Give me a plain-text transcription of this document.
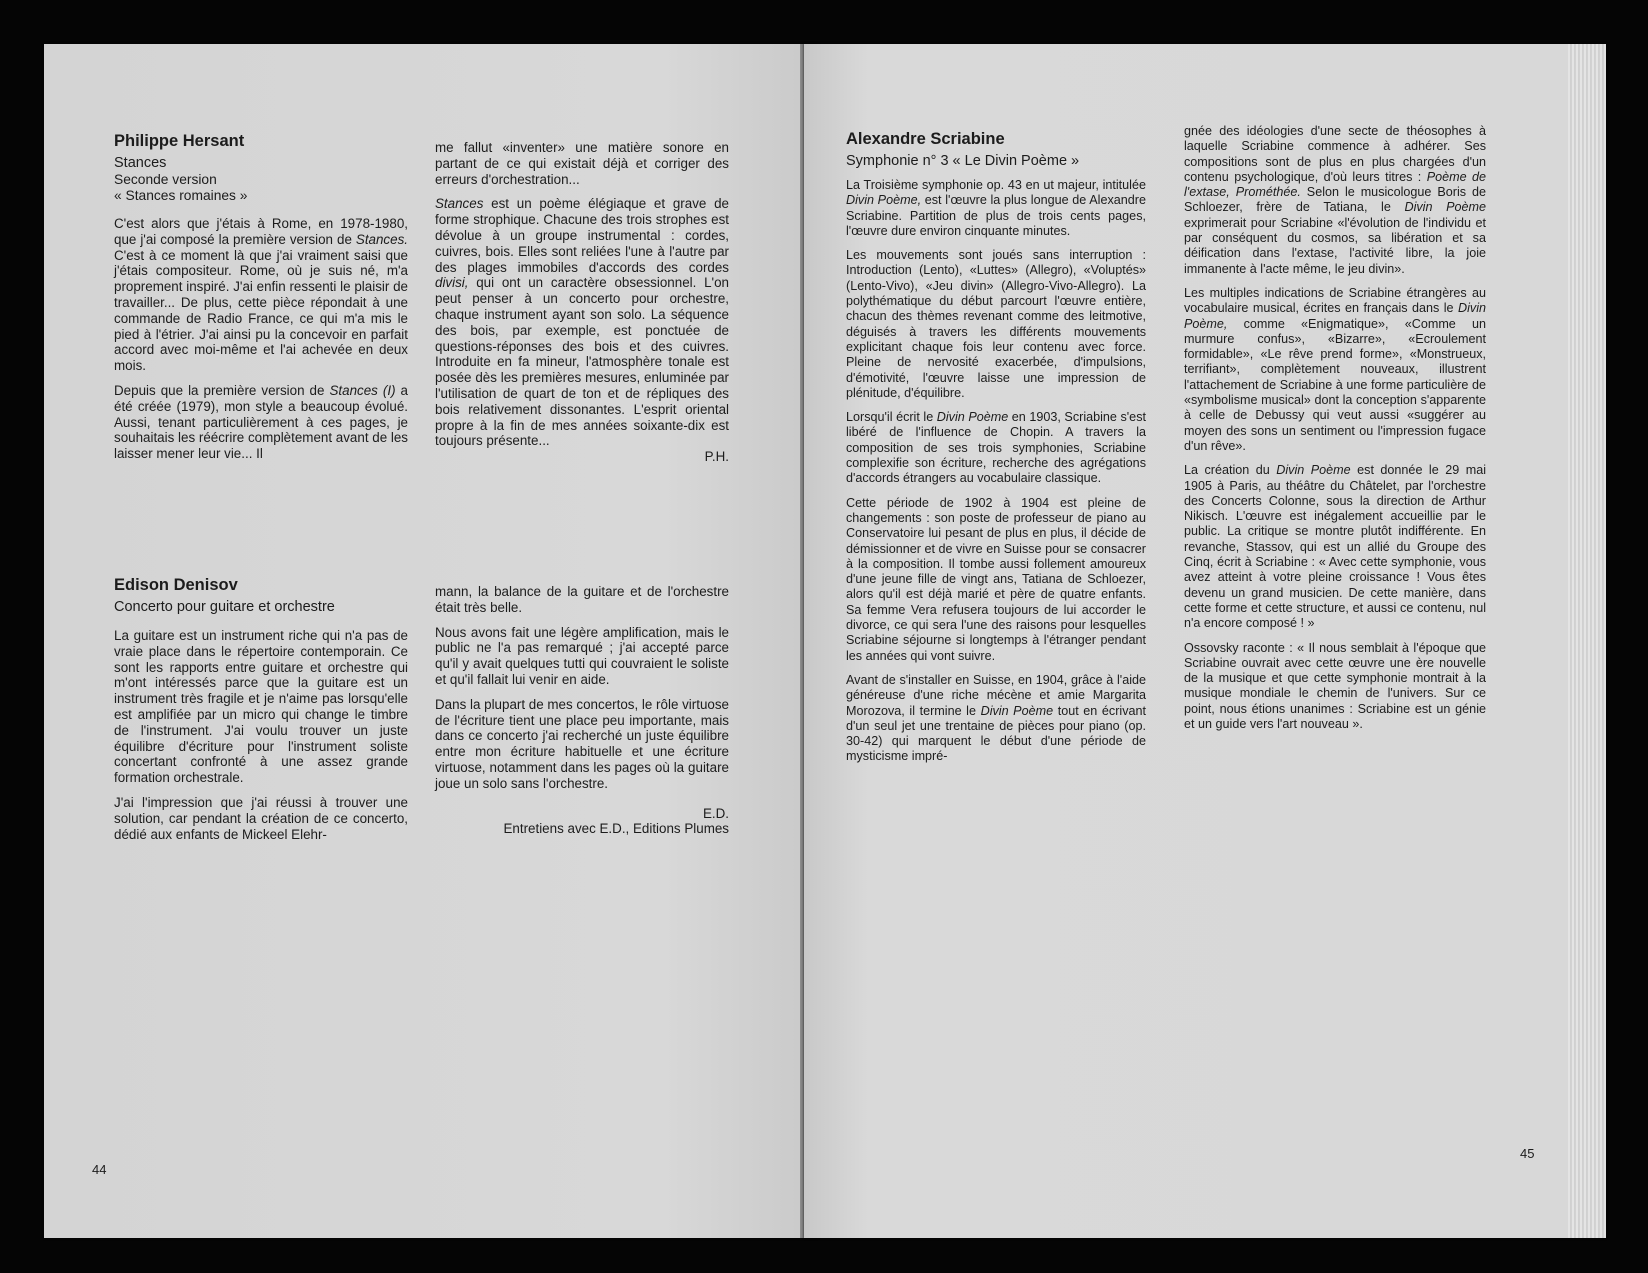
Philippe Hersant
Stances
Seconde version
« Stances romaines »

C'est alors que j'étais à Rome, en 1978-1980, que j'ai composé la première version de Stances. C'est à ce moment là que j'ai vraiment saisi que j'étais compositeur. Rome, où je suis né, m'a proprement inspiré. J'ai enfin ressenti le plaisir de travailler... De plus, cette pièce répondait à une commande de Radio France, ce qui m'a mis le pied à l'étrier. J'ai ainsi pu la concevoir en parfait accord avec moi-même et l'ai achevée en deux mois.

Depuis que la première version de Stances (I) a été créée (1979), mon style a beaucoup évolué. Aussi, tenant particulièrement à ces pages, je souhaitais les réécrire complètement avant de les laisser mener leur vie... Il

me fallut «inventer» une matière sonore en partant de ce qui existait déjà et corriger des erreurs d'orchestration...

Stances est un poème élégiaque et grave de forme strophique. Chacune des trois strophes est dévolue à un groupe instrumental : cordes, cuivres, bois. Elles sont reliées l'une à l'autre par des plages immobiles d'accords des cordes divisi, qui ont un caractère obsessionnel. L'on peut penser à un concerto pour orchestre, chaque instrument ayant son solo. La séquence des bois, par exemple, est ponctuée de questions-réponses des bois et des cuivres. Introduite en fa mineur, l'atmosphère tonale est posée dès les premières mesures, enluminée par l'utilisation de quart de ton et de répliques des bois relativement dissonantes. L'esprit oriental propre à la fin de mes années soixante-dix est toujours présente...

P.H.

Edison Denisov
Concerto pour guitare et orchestre

La guitare est un instrument riche qui n'a pas de vraie place dans le répertoire contemporain. Ce sont les rapports entre guitare et orchestre qui m'ont intéressés parce que la guitare est un instrument très fragile et je n'aime pas lorsqu'elle est amplifiée par un micro qui change le timbre de l'instrument. J'ai voulu trouver un juste équilibre d'écriture pour l'instrument soliste concertant confronté à une assez grande formation orchestrale.

J'ai l'impression que j'ai réussi à trouver une solution, car pendant la création de ce concerto, dédié aux enfants de Mickeel Elehr-

mann, la balance de la guitare et de l'orchestre était très belle.

Nous avons fait une légère amplification, mais le public ne l'a pas remarqué ; j'ai accepté parce qu'il y avait quelques tutti qui couvraient le soliste et qu'il fallait lui venir en aide.

Dans la plupart de mes concertos, le rôle virtuose de l'écriture tient une place peu importante, mais dans ce concerto j'ai recherché un juste équilibre entre mon écriture habituelle et une écriture virtuose, notamment dans les pages où la guitare joue un solo sans l'orchestre.

E.D.

Entretiens avec E.D., Editions Plumes

44
Alexandre Scriabine
Symphonie n° 3 « Le Divin Poème »

La Troisième symphonie op. 43 en ut majeur, intitulée Divin Poème, est l'œuvre la plus longue de Alexandre Scriabine. Partition de plus de trois cents pages, l'œuvre dure environ cinquante minutes.

Les mouvements sont joués sans interruption : Introduction (Lento), «Luttes» (Allegro), «Voluptés» (Lento-Vivo), «Jeu divin» (Allegro-Vivo-Allegro). La polythématique du début parcourt l'œuvre entière, chacun des thèmes revenant comme des leitmotive, déguisés à travers les différents mouvements explicitant chaque fois leur contenu avec force. Pleine de nervosité exacerbée, d'impulsions, d'émotivité, l'œuvre laisse une impression de plénitude, d'équilibre.

Lorsqu'il écrit le Divin Poème en 1903, Scriabine s'est libéré de l'influence de Chopin. A travers la composition de ses trois symphonies, Scriabine complexifie son écriture, recherche des agrégations d'accords étrangers au vocabulaire classique.

Cette période de 1902 à 1904 est pleine de changements : son poste de professeur de piano au Conservatoire lui pesant de plus en plus, il décide de démissionner et de vivre en Suisse pour se consacrer à la composition. Il tombe aussi follement amoureux d'une jeune fille de vingt ans, Tatiana de Schloezer, alors qu'il est déjà marié et père de quatre enfants. Sa femme Vera refusera toujours de lui accorder le divorce, ce qui sera l'une des raisons pour lesquelles Scriabine séjourne si longtemps à l'étranger pendant les années qui vont suivre.

Avant de s'installer en Suisse, en 1904, grâce à l'aide généreuse d'une riche mécène et amie Margarita Morozova, il termine le Divin Poème tout en écrivant d'un seul jet une trentaine de pièces pour piano (op. 30-42) qui marquent le début d'une période de mysticisme impré-

gnée des idéologies d'une secte de théosophes à laquelle Scriabine commence à adhérer. Ses compositions sont de plus en plus chargées d'un contenu psychologique, d'où leurs titres : Poème de l'extase, Prométhée. Selon le musicologue Boris de Schloezer, frère de Tatiana, le Divin Poème exprimerait pour Scriabine «l'évolution de l'individu et par conséquent du cosmos, sa libération et sa déification dans l'extase, l'activité libre, la joie immanente à l'acte même, le jeu divin».

Les multiples indications de Scriabine étrangères au vocabulaire musical, écrites en français dans le Divin Poème, comme «Enigmatique», «Comme un murmure confus», «Bizarre», «Ecroulement formidable», «Le rêve prend forme», «Monstrueux, terrifiant», complètement nouveaux, illustrent l'attachement de Scriabine à une forme particulière de «symbolisme musical» dont la conception s'apparente à celle de Debussy qui veut aussi «suggérer au moyen des sons un sentiment ou l'impression fugace d'un rêve».

La création du Divin Poème est donnée le 29 mai 1905 à Paris, au théâtre du Châtelet, par l'orchestre des Concerts Colonne, sous la direction de Arthur Nikisch. L'œuvre est inégalement accueillie par le public. La critique se montre plutôt indifférente. En revanche, Stassov, qui est un allié du Groupe des Cinq, écrit à Scriabine : « Avec cette symphonie, vous avez atteint à votre pleine croissance ! Vous êtes devenu un grand musicien. De cette manière, dans cette forme et cette structure, et aussi ce contenu, nul n'a encore composé ! »

Ossovsky raconte : « Il nous semblait à l'époque que Scriabine ouvrait avec cette œuvre une ère nouvelle de la musique et que cette symphonie montrait à la musique mondiale le chemin de l'univers. Sur ce point, nous étions unanimes : Scriabine est un génie et un guide vers l'art nouveau ».

45
